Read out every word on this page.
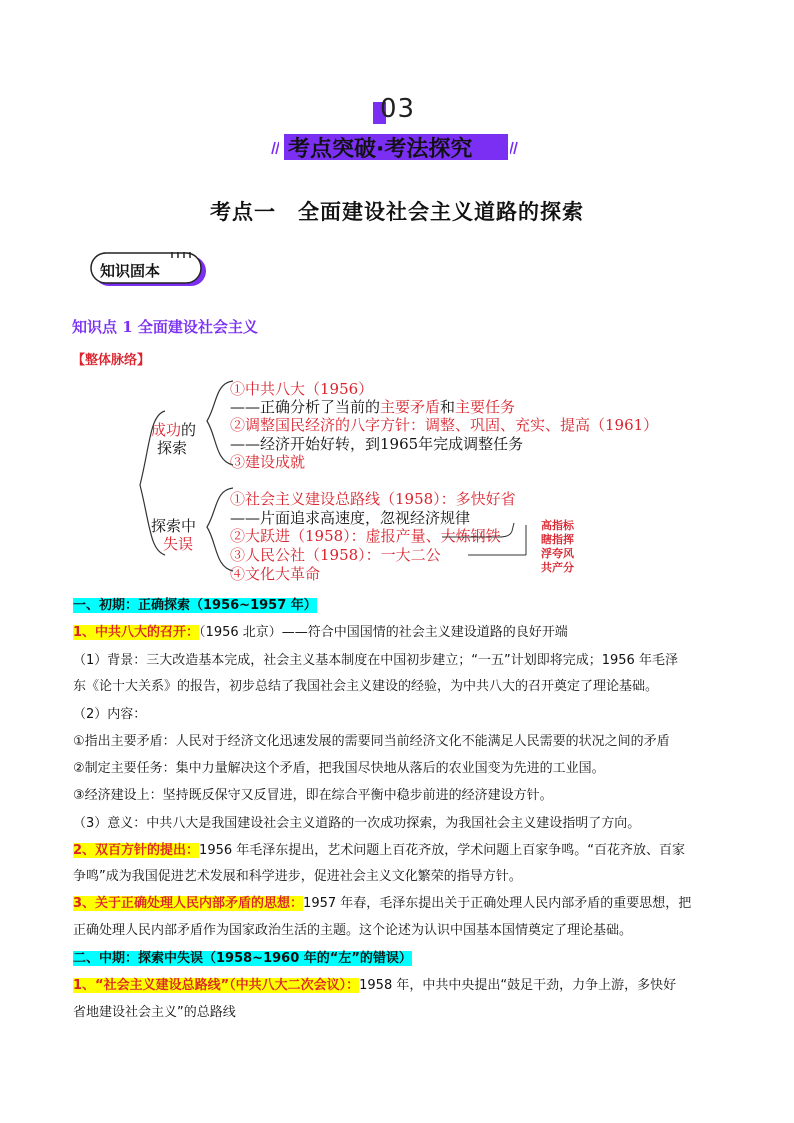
03
考点突破·考法探究
考点一　全面建设社会主义道路的探索
知识固本
知识点 1 全面建设社会主义
【整体脉络】
成功的
探索
探索中
失误
①中共八大（1956）
——正确分析了当前的主要矛盾和主要任务
②调整国民经济的八字方针：调整、巩固、充实、提高（1961）
——经济开始好转，到1965年完成调整任务
③建设成就
①社会主义建设总路线（1958）：多快好省
——片面追求高速度，忽视经济规律
②大跃进（1958）：虚报产量、大炼钢铁
③人民公社（1958）：一大二公
④文化大革命
高指标
瞎指挥
浮夸风
共产分
一、初期：正确探索（1956~1957 年）
1、中共八大的召开：（1956 北京）——符合中国国情的社会主义建设道路的良好开端
（1）背景：三大改造基本完成，社会主义基本制度在中国初步建立；“一五”计划即将完成；1956 年毛泽
东《论十大关系》的报告，初步总结了我国社会主义建设的经验，为中共八大的召开奠定了理论基础。
（2）内容：
①指出主要矛盾：人民对于经济文化迅速发展的需要同当前经济文化不能满足人民需要的状况之间的矛盾
②制定主要任务：集中力量解决这个矛盾，把我国尽快地从落后的农业国变为先进的工业国。
③经济建设上：坚持既反保守又反冒进，即在综合平衡中稳步前进的经济建设方针。
（3）意义：中共八大是我国建设社会主义道路的一次成功探索，为我国社会主义建设指明了方向。
2、双百方针的提出：1956 年毛泽东提出，艺术问题上百花齐放，学术问题上百家争鸣。“百花齐放、百家
争鸣”成为我国促进艺术发展和科学进步，促进社会主义文化繁荣的指导方针。
3、关于正确处理人民内部矛盾的思想：1957 年春，毛泽东提出关于正确处理人民内部矛盾的重要思想，把
正确处理人民内部矛盾作为国家政治生活的主题。这个论述为认识中国基本国情奠定了理论基础。
二、中期：探索中失误（1958~1960 年的“左”的错误）
1、“社会主义建设总路线”（中共八大二次会议）：1958 年，中共中央提出“鼓足干劲，力争上游，多快好
省地建设社会主义”的总路线
